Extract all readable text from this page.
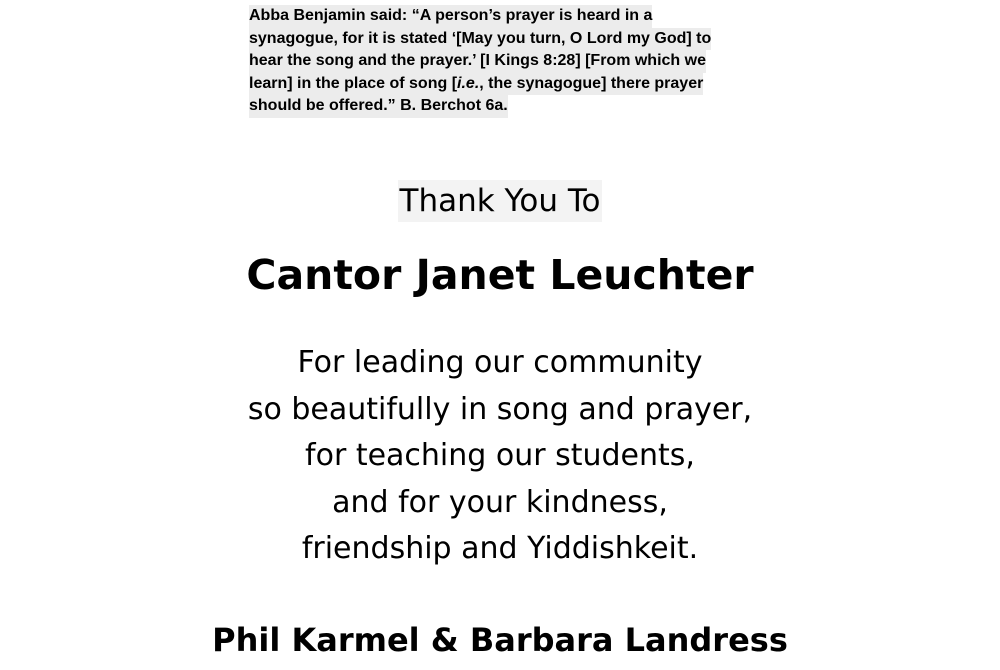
Abba Benjamin said: “A person’s prayer is heard in a synagogue, for it is stated ‘[May you turn, O Lord my God] to hear the song and the prayer.’ [I Kings 8:28] [From which we learn] in the place of song [i.e., the synagogue] there prayer should be offered.” B. Berchot 6a.
Thank You To
Cantor Janet Leuchter
For leading our community
so beautifully in song and prayer,
for teaching our students,
and for your kindness,
friendship and Yiddishkeit.

Phil Karmel & Barbara Landress
